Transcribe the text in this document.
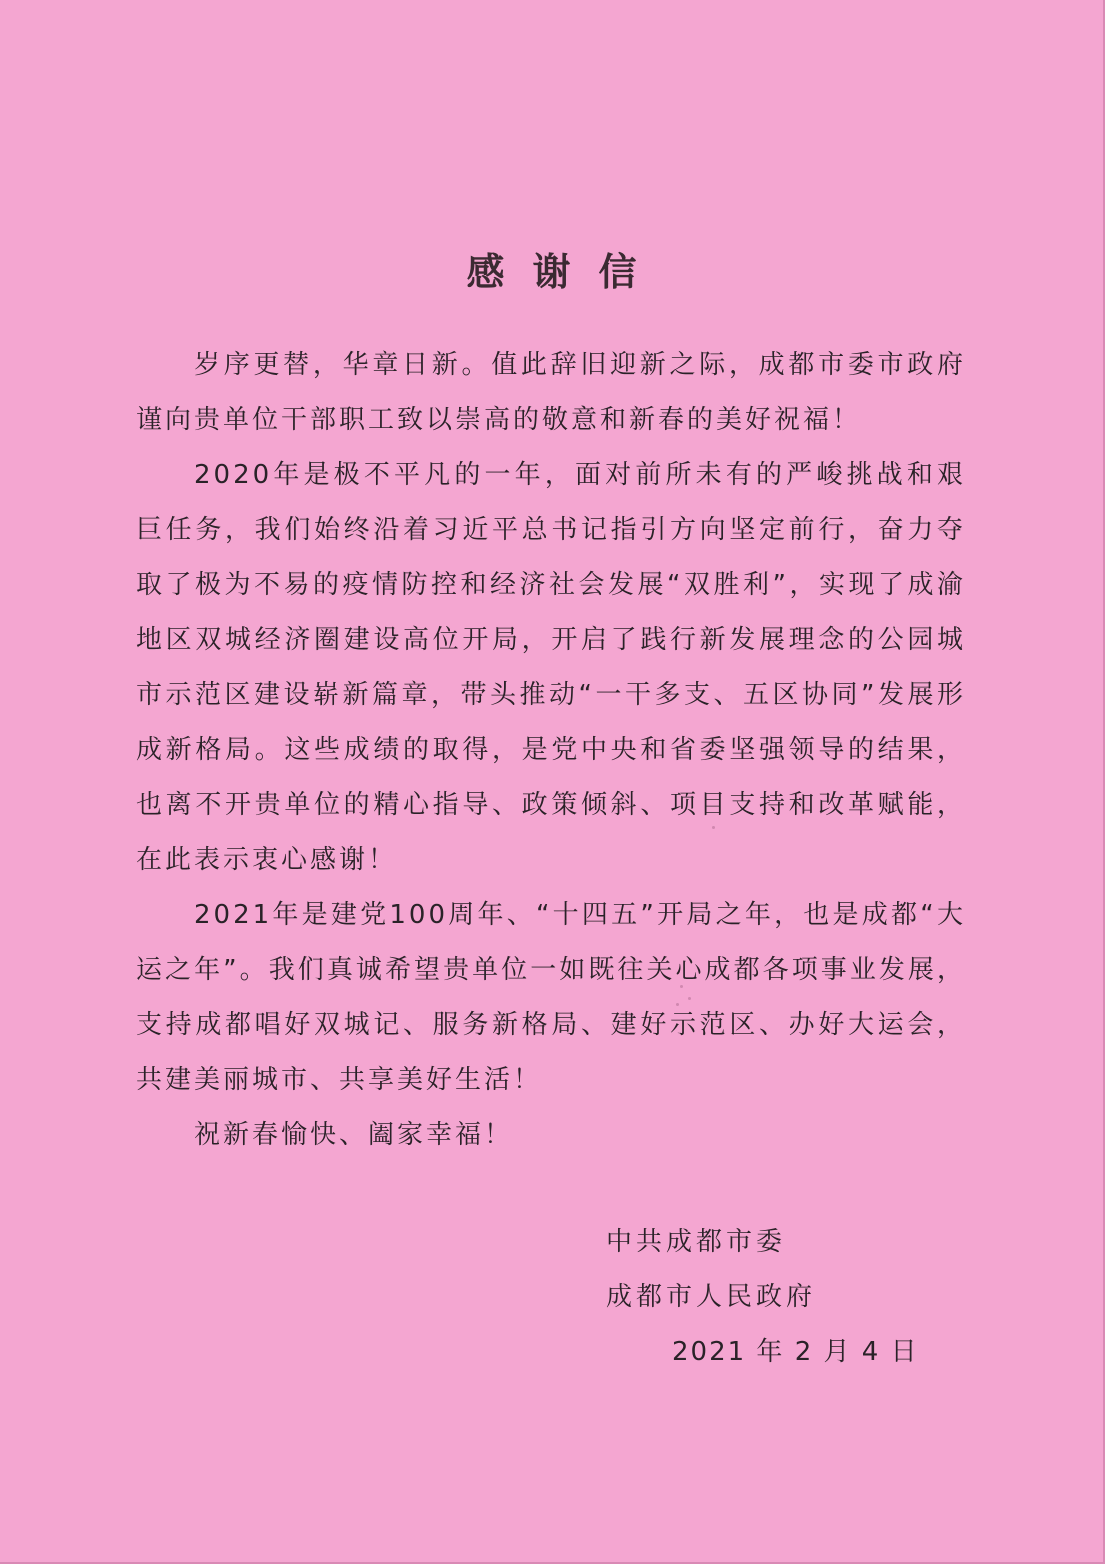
感谢信

岁序更替，华章日新。值此辞旧迎新之际，成都市委市政府谨向贵单位干部职工致以崇高的敬意和新春的美好祝福！

2020年是极不平凡的一年，面对前所未有的严峻挑战和艰巨任务，我们始终沿着习近平总书记指引方向坚定前行，奋力夺取了极为不易的疫情防控和经济社会发展“双胜利”，实现了成渝地区双城经济圈建设高位开局，开启了践行新发展理念的公园城市示范区建设崭新篇章，带头推动“一干多支、五区协同”发展形成新格局。这些成绩的取得，是党中央和省委坚强领导的结果，也离不开贵单位的精心指导、政策倾斜、项目支持和改革赋能，在此表示衷心感谢！

2021年是建党100周年、“十四五”开局之年，也是成都“大运之年”。我们真诚希望贵单位一如既往关心成都各项事业发展，支持成都唱好双城记、服务新格局、建好示范区、办好大运会，共建美丽城市、共享美好生活！

祝新春愉快、阖家幸福！

中共成都市委
成都市人民政府
2021 年 2 月 4 日
